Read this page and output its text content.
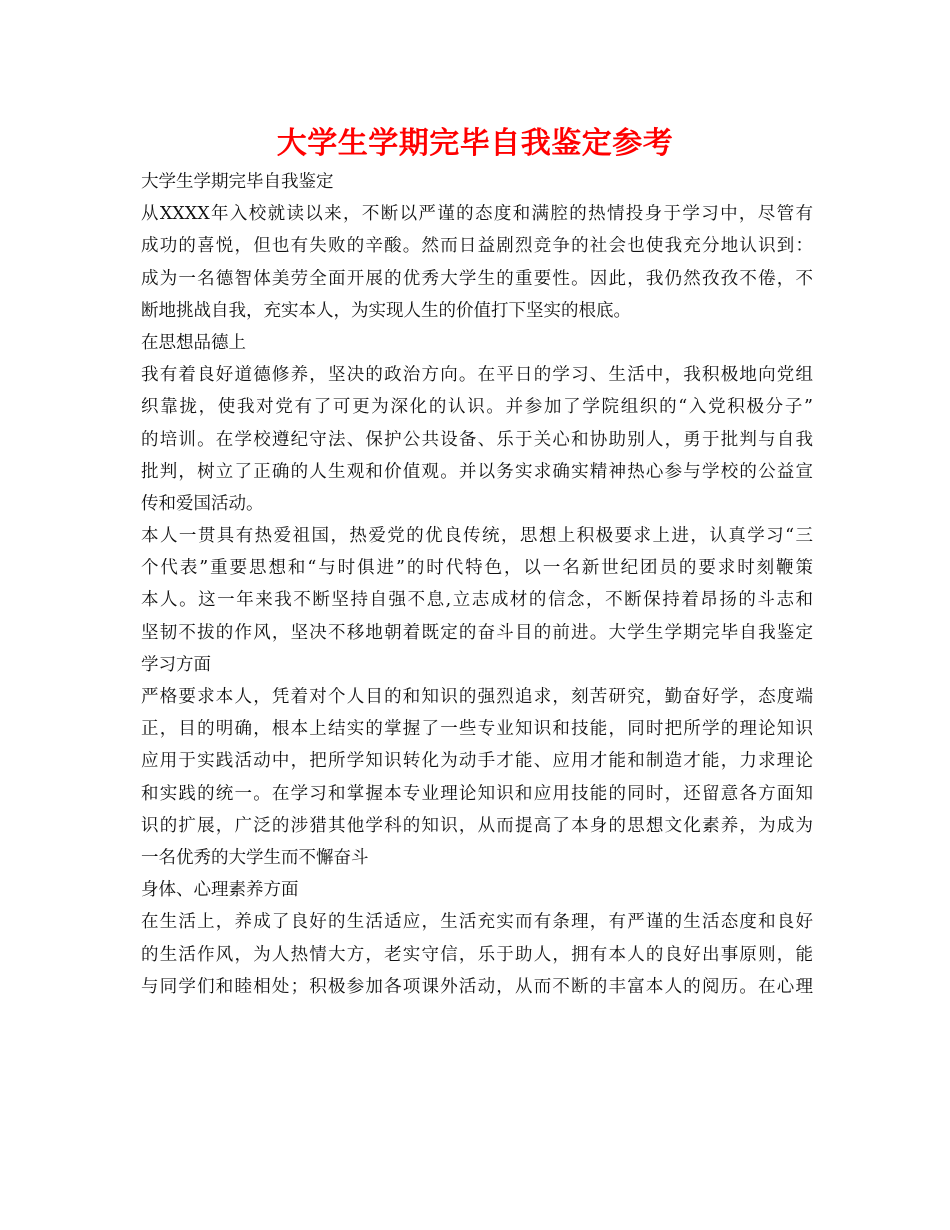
大学生学期完毕自我鉴定参考
大学生学期完毕自我鉴定
从XXXX年入校就读以来，不断以严谨的态度和满腔的热情投身于学习中，尽管有
成功的喜悦，但也有失败的辛酸。然而日益剧烈竞争的社会也使我充分地认识到：
成为一名德智体美劳全面开展的优秀大学生的重要性。因此，我仍然孜孜不倦，不
断地挑战自我，充实本人，为实现人生的价值打下坚实的根底。
在思想品德上
我有着良好道德修养，坚决的政治方向。在平日的学习、生活中，我积极地向党组
织靠拢，使我对党有了可更为深化的认识。并参加了学院组织的“入党积极分子”
的培训。在学校遵纪守法、保护公共设备、乐于关心和协助别人，勇于批判与自我
批判，树立了正确的人生观和价值观。并以务实求确实精神热心参与学校的公益宣
传和爱国活动。
本人一贯具有热爱祖国，热爱党的优良传统，思想上积极要求上进，认真学习“三
个代表”重要思想和“与时俱进”的时代特色，以一名新世纪团员的要求时刻鞭策
本人。这一年来我不断坚持自强不息,立志成材的信念，不断保持着昂扬的斗志和
坚韧不拔的作风，坚决不移地朝着既定的奋斗目的前进。大学生学期完毕自我鉴定
学习方面
严格要求本人，凭着对个人目的和知识的强烈追求，刻苦研究，勤奋好学，态度端
正，目的明确，根本上结实的掌握了一些专业知识和技能，同时把所学的理论知识
应用于实践活动中，把所学知识转化为动手才能、应用才能和制造才能，力求理论
和实践的统一。在学习和掌握本专业理论知识和应用技能的同时，还留意各方面知
识的扩展，广泛的涉猎其他学科的知识，从而提高了本身的思想文化素养，为成为
一名优秀的大学生而不懈奋斗
身体、心理素养方面
在生活上，养成了良好的生活适应，生活充实而有条理，有严谨的生活态度和良好
的生活作风，为人热情大方，老实守信，乐于助人，拥有本人的良好出事原则，能
与同学们和睦相处；积极参加各项课外活动，从而不断的丰富本人的阅历。在心理
